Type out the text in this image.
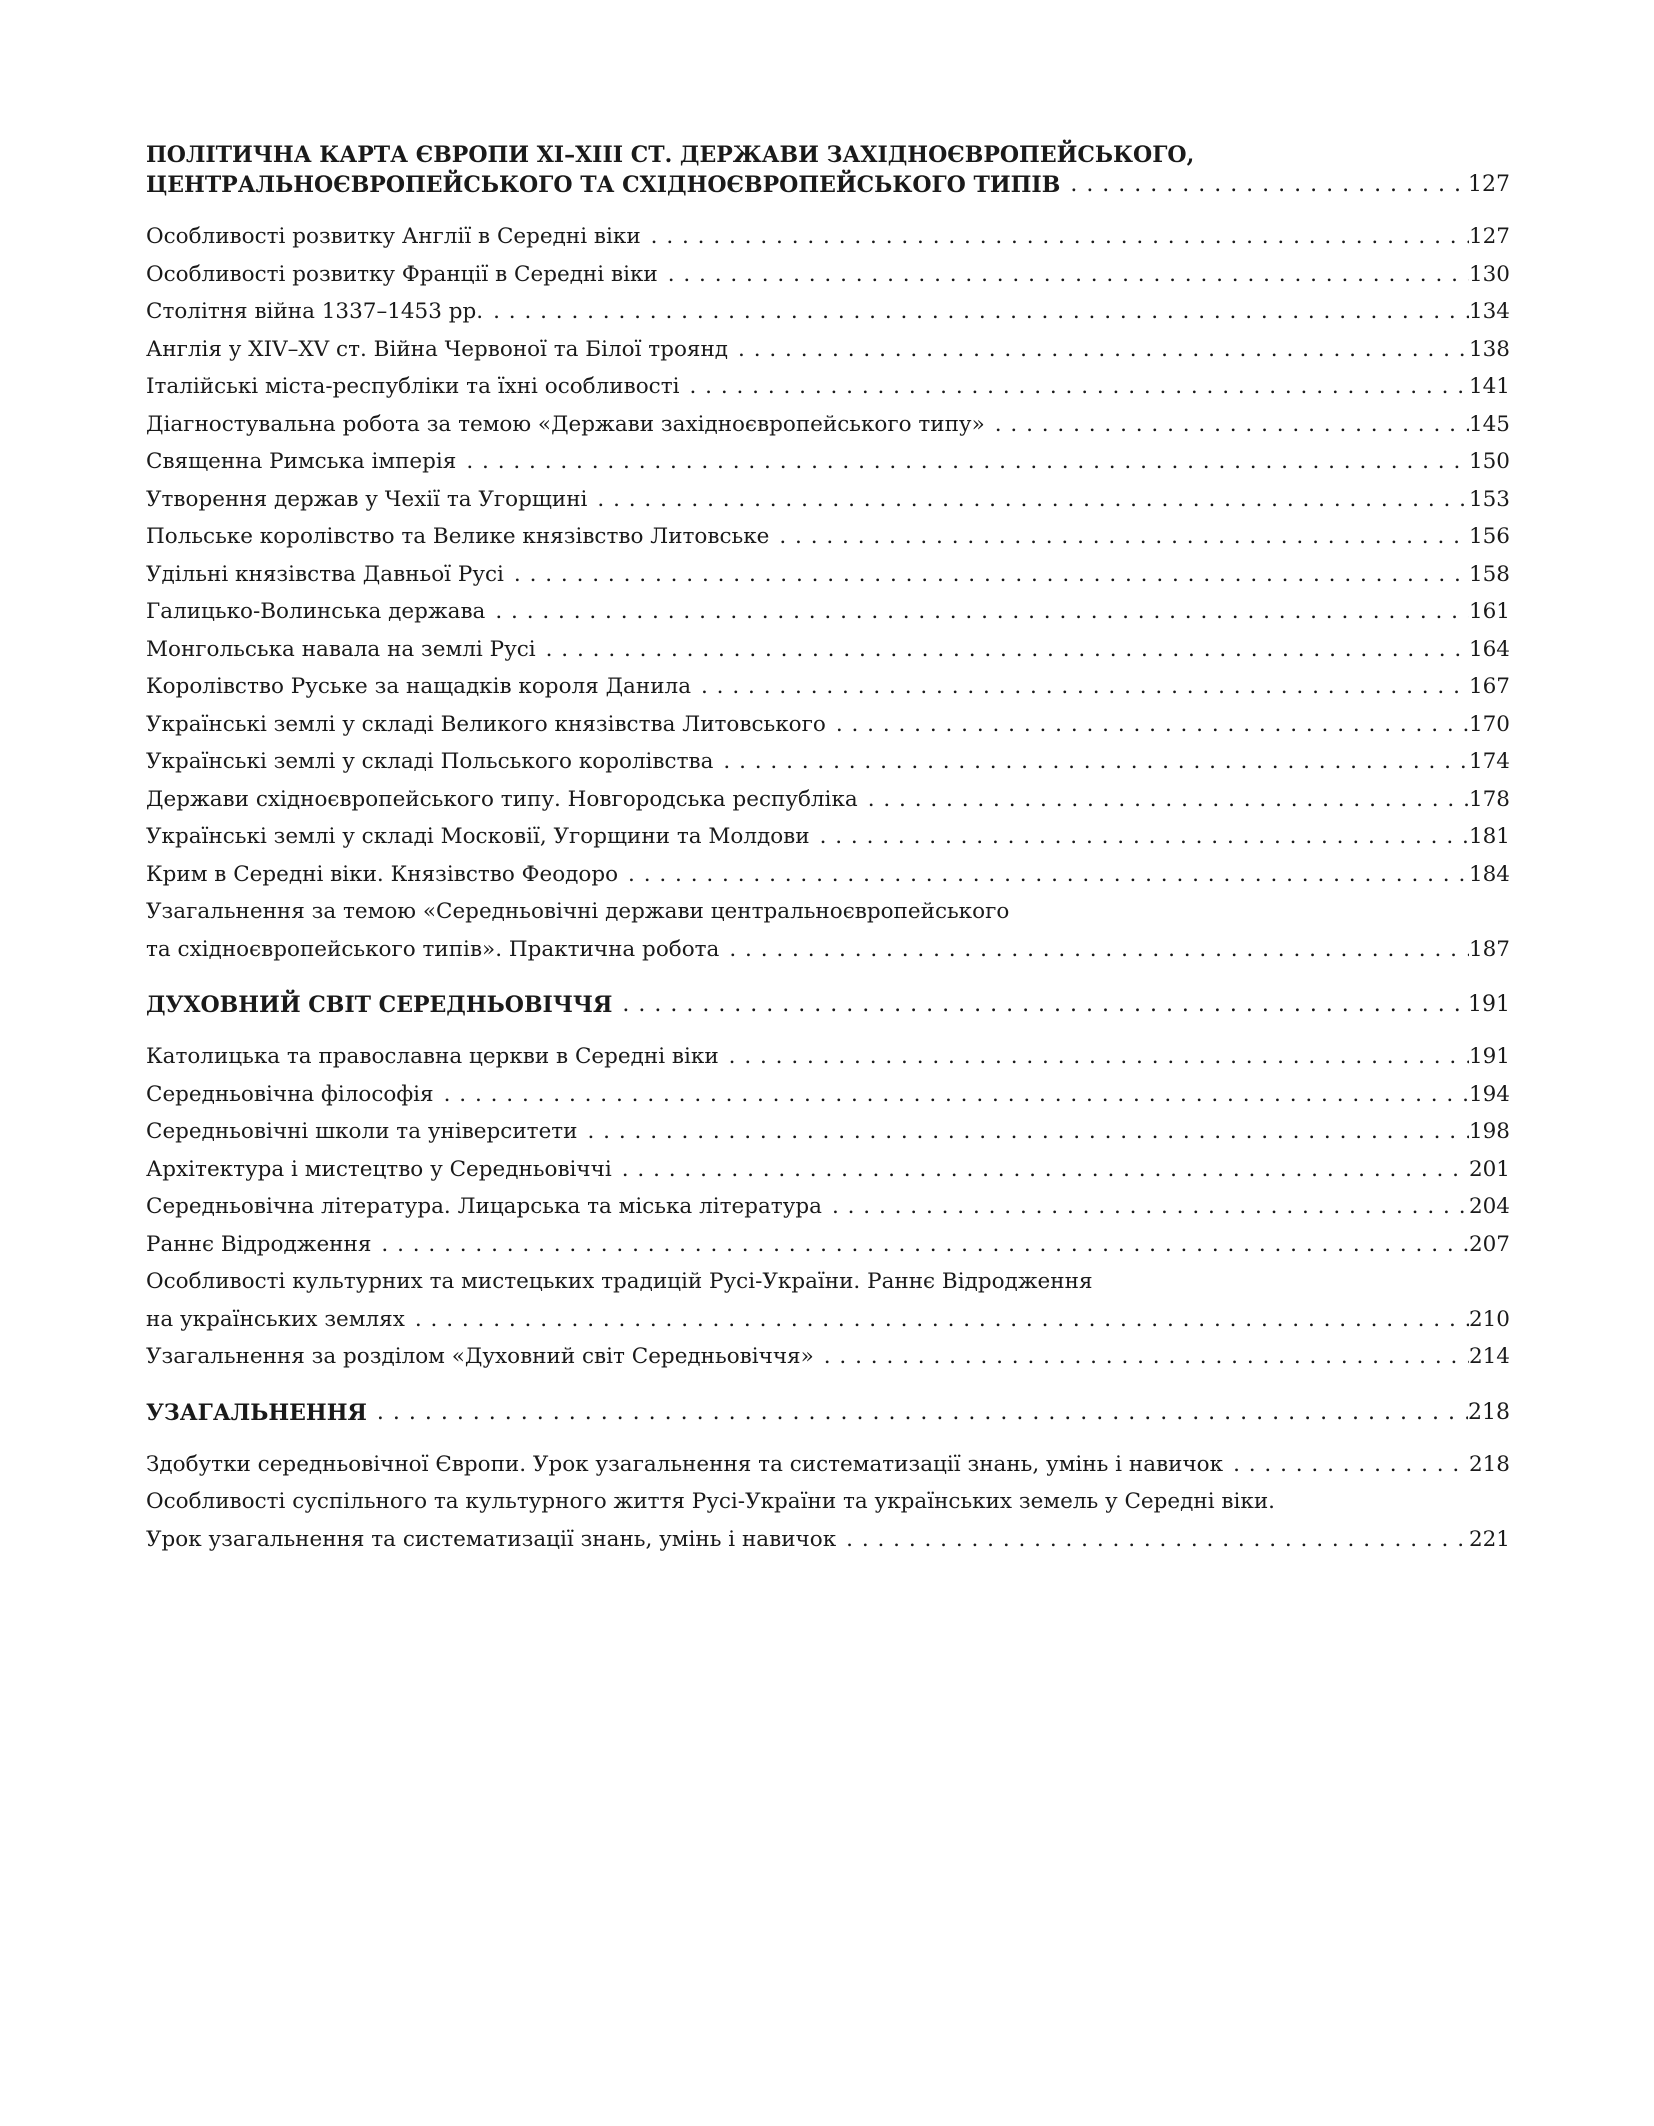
ПОЛІТИЧНА КАРТА ЄВРОПИ XI–XIII СТ. ДЕРЖАВИ ЗАХІДНОЄВРОПЕЙСЬКОГО,
ЦЕНТРАЛЬНОЄВРОПЕЙСЬКОГО ТА СХІДНОЄВРОПЕЙСЬКОГО ТИПІВ . . .	127
Особливості розвитку Англії в Середні віки . . .	127
Особливості розвитку Франції в Середні віки . . .	130
Столітня війна 1337–1453 рр. . . .	134
Англія у XIV–XV ст. Війна Червоної та Білої троянд . . .	138
Італійські міста-республіки та їхні особливості . . .	141
Діагностувальна робота за темою «Держави західноєвропейського типу» . . .	145
Священна Римська імперія . . .	150
Утворення держав у Чехії та Угорщині . . .	153
Польське королівство та Велике князівство Литовське . . .	156
Удільні князівства Давньої Русі . . .	158
Галицько-Волинська держава . . .	161
Монгольська навала на землі Русі . . .	164
Королівство Руське за нащадків короля Данила . . .	167
Українські землі у складі Великого князівства Литовського . . .	170
Українські землі у складі Польського королівства . . .	174
Держави східноєвропейського типу. Новгородська республіка . . .	178
Українські землі у складі Московії, Угорщини та Молдови . . .	181
Крим в Середні віки. Князівство Феодоро . . .	184
Узагальнення за темою «Середньовічні держави центральноєвропейського
та східноєвропейського типів». Практична робота . . .	187
ДУХОВНИЙ СВІТ СЕРЕДНЬОВІЧЧЯ . . .	191
Католицька та православна церкви в Середні віки . . .	191
Середньовічна філософія . . .	194
Середньовічні школи та університети . . .	198
Архітектура і мистецтво у Середньовіччі . . .	201
Середньовічна література. Лицарська та міська література . . .	204
Раннє Відродження . . .	207
Особливості культурних та мистецьких традицій Русі-України. Раннє Відродження
на українських землях . . .	210
Узагальнення за розділом «Духовний світ Середньовіччя» . . .	214
УЗАГАЛЬНЕННЯ . . .	218
Здобутки середньовічної Європи. Урок узагальнення та систематизації знань, умінь і навичок . . .	218
Особливості суспільного та культурного життя Русі-України та українських земель у Середні віки.
Урок узагальнення та систематизації знань, умінь і навичок . . .	221
